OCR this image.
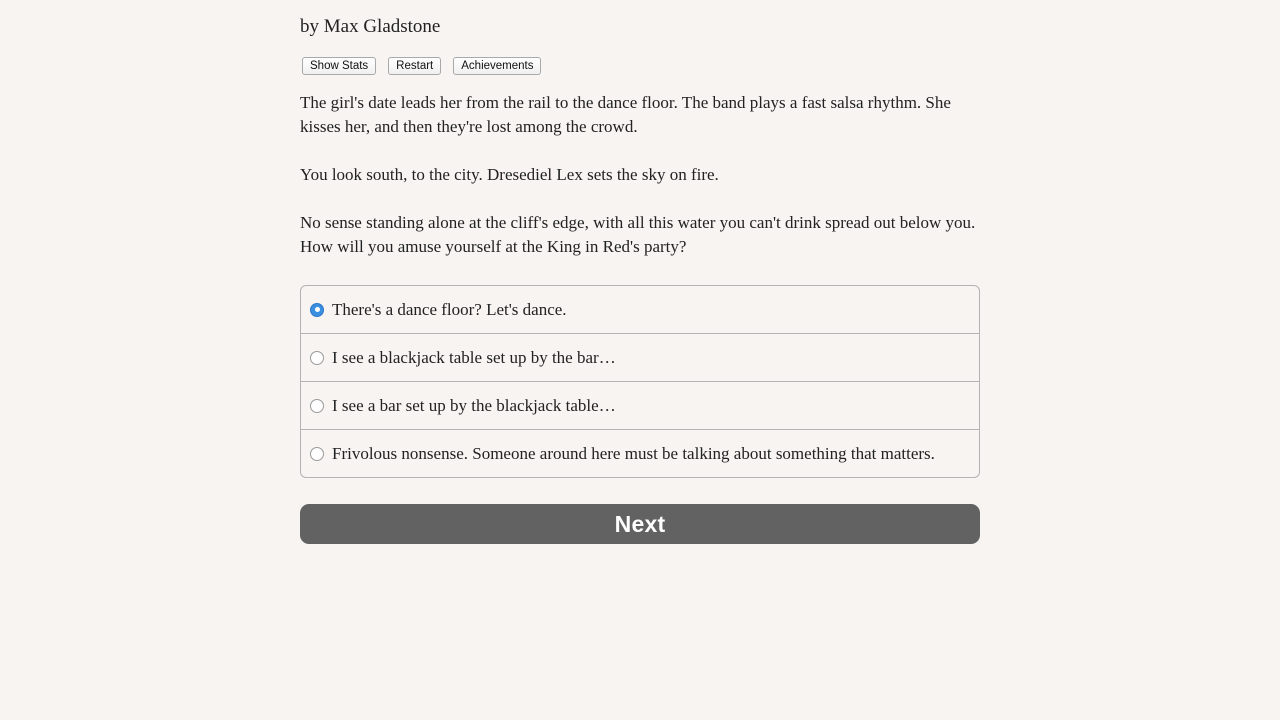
by Max Gladstone
Show Stats	Restart	Achievements

The girl's date leads her from the rail to the dance floor. The band plays a fast salsa rhythm. She kisses her, and then they're lost among the crowd.

You look south, to the city. Dresediel Lex sets the sky on fire.

No sense standing alone at the cliff's edge, with all this water you can't drink spread out below you. How will you amuse yourself at the King in Red's party?

There's a dance floor? Let's dance.
I see a blackjack table set up by the bar…
I see a bar set up by the blackjack table…
Frivolous nonsense. Someone around here must be talking about something that matters.
Next
